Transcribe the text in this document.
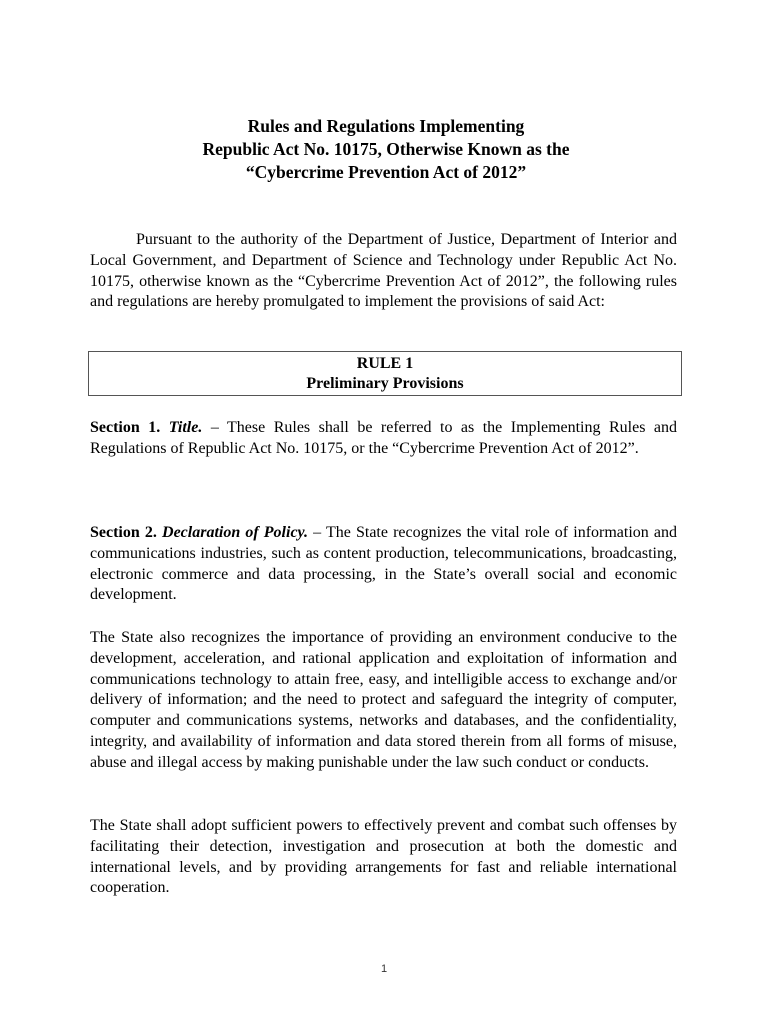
Rules and Regulations Implementing
Republic Act No. 10175, Otherwise Known as the
“Cybercrime Prevention Act of 2012”

Pursuant to the authority of the Department of Justice, Department of Interior and Local Government, and Department of Science and Technology under Republic Act No. 10175, otherwise known as the “Cybercrime Prevention Act of 2012”, the following rules and regulations are hereby promulgated to implement the provisions of said Act:

RULE 1
Preliminary Provisions

Section 1. Title. – These Rules shall be referred to as the Implementing Rules and Regulations of Republic Act No. 10175, or the “Cybercrime Prevention Act of 2012”.

Section 2. Declaration of Policy. – The State recognizes the vital role of information and communications industries, such as content production, telecommunications, broadcasting, electronic commerce and data processing, in the State’s overall social and economic development.

The State also recognizes the importance of providing an environment conducive to the development, acceleration, and rational application and exploitation of information and communications technology to attain free, easy, and intelligible access to exchange and/or delivery of information; and the need to protect and safeguard the integrity of computer, computer and communications systems, networks and databases, and the confidentiality, integrity, and availability of information and data stored therein from all forms of misuse, abuse and illegal access by making punishable under the law such conduct or conducts.

The State shall adopt sufficient powers to effectively prevent and combat such offenses by facilitating their detection, investigation and prosecution at both the domestic and international levels, and by providing arrangements for fast and reliable international cooperation.

1
